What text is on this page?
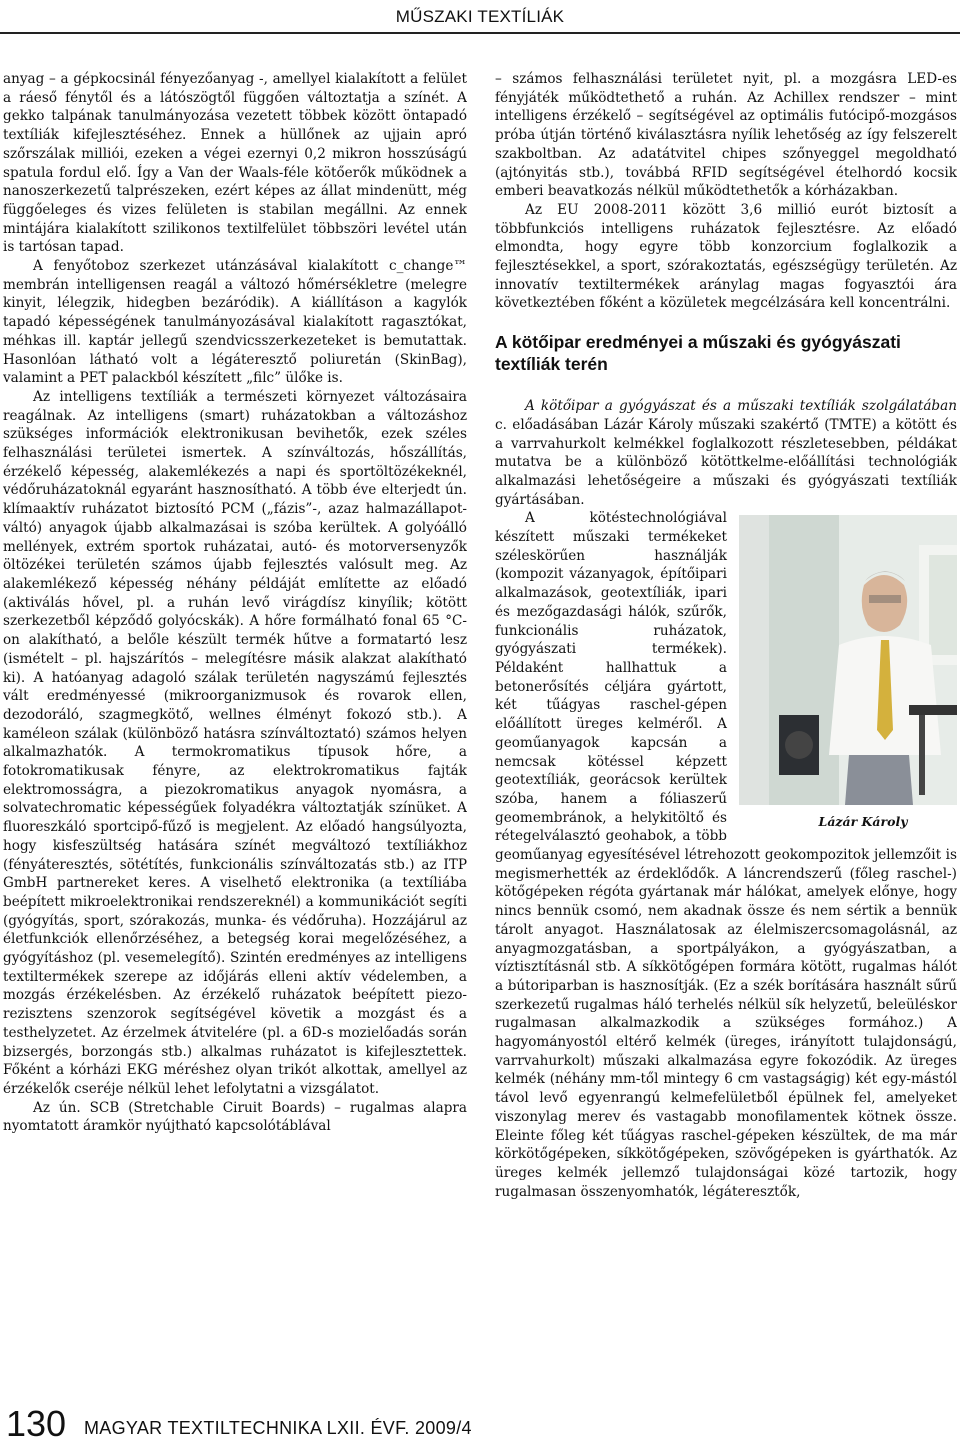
MŰSZAKI TEXTÍLIÁK

anyag – a gépkocsinál fényezőanyag -, amellyel kialakított a felület a ráeső fénytől és a látószögtől függően változtatja a színét. A gekko talpának tanulmányozása vezetett többek között öntapadó textíliák kifejlesztéséhez. Ennek a hüllőnek az ujjain apró szőrszálak milliói, ezeken a végei ezernyi 0,2 mikron hosszúságú spatula fordul elő. Így a Van der Waals-féle kötőerők működnek a nanoszerkezetű talprészeken, ezért képes az állat mindenütt, még függőeleges és vizes felületen is stabilan megállni. Az ennek mintájára kialakított szilikonos textilfelület többszöri levétel után is tartósan tapad.

A fenyőtoboz szerkezet utánzásával kialakított c_change™ membrán intelligensen reagál a változó hőmérsékletre (melegre kinyit, lélegzik, hidegben bezáródik). A kiállításon a kagylók tapadó képességének tanulmányozásával kialakított ragasztókat, méhkas ill. kaptár jellegű szendvicsszerkezeteket is bemutattak. Hasonlóan látható volt a légáteresztő poliuretán (SkinBag), valamint a PET palackból készített „filc” ülőke is.

Az intelligens textíliák a természeti környezet változásaira reagálnak. Az intelligens (smart) ruházatokban a változáshoz szükséges információk elektronikusan bevihetők, ezek széles felhasználási területei ismertek. A színváltozás, hőszállítás, érzékelő képesség, alakemlékezés a napi és sportöltözékeknél, védőruházatoknál egyaránt hasznosítható. A több éve elterjedt ún. klímaaktív ruházatot biztosító PCM („fázis”-, azaz halmazállapot-váltó) anyagok újabb alkalmazásai is szóba kerültek. A golyóálló mellények, extrém sportok ruházatai, autó- és motorversenyzők öltözékei területén számos újabb fejlesztés valósult meg. Az alakemlékező képesség néhány példáját említette az előadó (aktiválás hővel, pl. a ruhán levő virágdísz kinyílik; kötött szerkezetből képződő golyócskák). A hőre formálható fonal 65 °C-on alakítható, a belőle készült termék hűtve a formatartó lesz (ismételt – pl. hajszárítós – melegítésre másik alakzat alakítható ki). A hatóanyag adagoló szálak területén nagyszámú fejlesztés vált eredményessé (mikroorganizmusok és rovarok ellen, dezodoráló, szagmegkötő, wellnes élményt fokozó stb.). A kaméleon szálak (különböző hatásra színváltoztató) számos helyen alkalmazhatók. A termokromatikus típusok hőre, a fotokromatikusak fényre, az elektrokromatikus fajták elektromosságra, a piezokromatikus anyagok nyomásra, a solvatechromatic képességűek folyadékra változtatják színüket. A fluoreszkáló sportcipő-fűző is megjelent. Az előadó hangsúlyozta, hogy kisfeszültség hatására színét megváltozó textíliákhoz (fényáteresztés, sötétítés, funkcionális színváltozatás stb.) az ITP GmbH partnereket keres. A viselhető elektronika (a textíliába beépített mikroelektronikai rendszereknél) a kommunikációt segíti (gyógyítás, sport, szórakozás, munka- és védőruha). Hozzájárul az életfunkciók ellenőrzéséhez, a betegség korai megelőzéséhez, a gyógyításhoz (pl. vesemelegítő). Szintén eredményes az intelligens textiltermékek szerepe az időjárás elleni aktív védelemben, a mozgás érzékelésben. Az érzékelő ruházatok beépített piezo-rezisztens szenzorok segítségével követik a mozgást és a testhelyzetet. Az érzelmek átvitelére (pl. a 6D-s mozielőadás során bizsergés, borzongás stb.) alkalmas ruházatot is kifejlesztettek. Főként a kórházi EKG méréshez olyan trikót alkottak, amellyel az érzékelők cseréje nélkül lehet lefolytatni a vizsgálatot.

Az ún. SCB (Stretchable Ciruit Boards) – rugalmas alapra nyomtatott áramkör nyújtható kapcsolótáblával

– számos felhasználási területet nyit, pl. a mozgásra LED-es fényjáték működtethető a ruhán. Az Achillex rendszer – mint intelligens érzékelő – segítségével az optimális futócipő-mozgásos próba útján történő kiválasztásra nyílik lehetőség az így felszerelt szakboltban. Az adatátvitel chipes szőnyeggel megoldható (ajtónyitás stb.), továbbá RFID segítségével ételhordó kocsik emberi beavatkozás nélkül működtethetők a kórházakban.

Az EU 2008-2011 között 3,6 millió eurót biztosít a többfunkciós intelligens ruházatok fejlesztésre. Az előadó elmondta, hogy egyre több konzorcium foglalkozik a fejlesztésekkel, a sport, szórakoztatás, egészségügy területén. Az innovatív textiltermékek aránylag magas fogyasztói ára következtében főként a közületek megcélzására kell koncentrálni.

A kötőipar eredményei a műszaki és gyógyászati textíliák terén

A kötőipar a gyógyászat és a műszaki textíliák szolgálatában c. előadásában Lázár Károly műszaki szakértő (TMTE) a kötött és a varrvahurkolt kelmékkel foglalkozott részletesebben, példákat mutatva be a különböző kötöttkelme-előállítási technológiák alkalmazási lehetőségeire a műszaki és gyógyászati textíliák gyártásában.

Lázár Károly
A kötéstechnológiával készített műszaki termékeket széleskörűen használják (kompozit vázanyagok, építőipari alkalmazások, geotextíliák, ipari és mezőgazdasági hálók, szűrők, funkcionális ruházatok, gyógyászati termékek). Példaként hallhattuk a betonerősítés céljára gyártott, két tűágyas raschel-gépen előállított üreges kelméről. A geoműanyagok kapcsán a nemcsak kötéssel képzett geotextíliák, georácsok kerültek szóba, hanem a fóliaszerű geomembránok, a helykitöltő és rétegelválasztó geohabok, a több geoműanyag egyesítésével létrehozott geokompozitok jellemzőit is megismerhették az érdeklődők. A láncrendszerű (főleg raschel-) kötőgépeken régóta gyártanak már hálókat, amelyek előnye, hogy nincs bennük csomó, nem akadnak össze és nem sértik a bennük tárolt anyagot. Használatosak az élelmiszercsomagolásnál, az anyagmozgatásban, a sportpályákon, a gyógyászatban, a víztisztításnál stb. A síkkötőgépen formára kötött, rugalmas hálót a bútoriparban is hasznosítják. (Ez a szék borítására használt sűrű szerkezetű rugalmas háló terhelés nélkül sík helyzetű, beleüléskor rugalmasan alkalmazkodik a szükséges formához.) A hagyományostól eltérő kelmék (üreges, irányított tulajdonságú, varrvahurkolt) műszaki alkalmazása egyre fokozódik. Az üreges kelmék (néhány mm-től mintegy 6 cm vastagságig) két egy-mástól távol levő egyenrangú kelmefelületből épülnek fel, amelyeket viszonylag merev és vastagabb monofilamentek kötnek össze. Eleinte főleg két tűágyas raschel-gépeken készültek, de ma már körkötőgépeken, síkkötőgépeken, szövőgépeken is gyárthatók. Az üreges kelmék jellemző tulajdonságai közé tartozik, hogy rugalmasan összenyomhatók, légáteresztők,

130 MAGYAR TEXTILTECHNIKA LXII. ÉVF. 2009/4
